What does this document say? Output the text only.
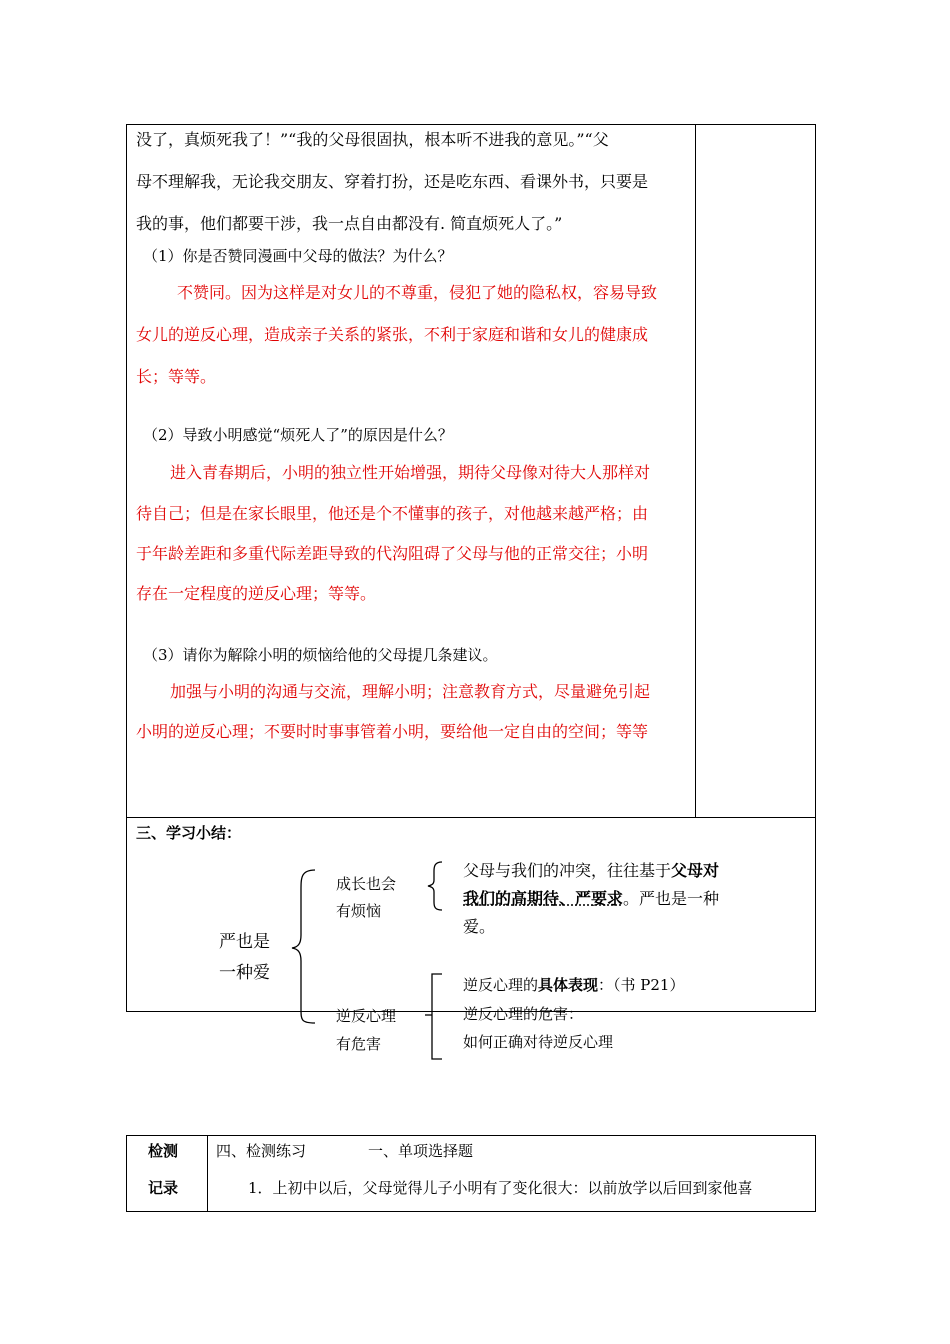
没了，真烦死我了！”“我的父母很固执，根本听不进我的意见。”“父
母不理解我，无论我交朋友、穿着打扮，还是吃东西、看课外书，只要是
我的事，他们都要干涉，我一点自由都没有. 简直烦死人了。”
（1）你是否赞同漫画中父母的做法？为什么？
不赞同。因为这样是对女儿的不尊重，侵犯了她的隐私权，容易导致
女儿的逆反心理，造成亲子关系的紧张，不利于家庭和谐和女儿的健康成
长；等等。
（2）导致小明感觉“烦死人了”的原因是什么？
进入青春期后，小明的独立性开始增强，期待父母像对待大人那样对
待自己；但是在家长眼里，他还是个不懂事的孩子，对他越来越严格；由
于年龄差距和多重代际差距导致的代沟阻碍了父母与他的正常交往；小明
存在一定程度的逆反心理；等等。
（3）请你为解除小明的烦恼给他的父母提几条建议。
加强与小明的沟通与交流，理解小明；注意教育方式，尽量避免引起
小明的逆反心理；不要时时事事管着小明，要给他一定自由的空间；等等
三、学习小结：
严也是
一种爱
成长也会
有烦恼
父母与我们的冲突，往往基于父母对
我们的高期待、严要求。严也是一种
爱。
逆反心理
有危害
逆反心理的具体表现：（书 P21）
逆反心理的危害：
如何正确对待逆反心理
检测
记录
四、检测练习	一、单项选择题
1．上初中以后，父母觉得儿子小明有了变化很大：以前放学以后回到家他喜
